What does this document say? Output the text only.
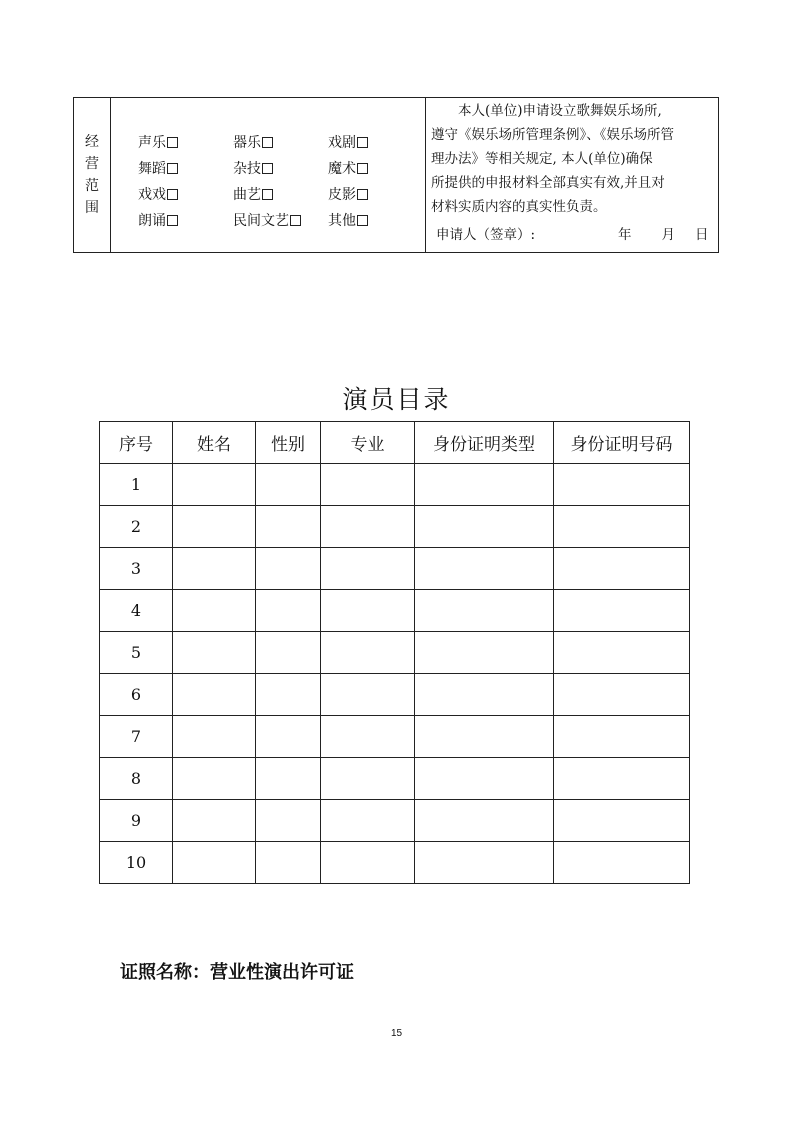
经
营
范
围
声乐	器乐	戏剧
舞蹈	杂技	魔术
戏戏	曲艺	皮影
朗诵	民间文艺	其他
　　本人(单位)申请设立歌舞娱乐场所,
遵守《娱乐场所管理条例》、《娱乐场所管
理办法》等相关规定, 本人(单位)确保
所提供的申报材料全部真实有效,并且对
材料实质内容的真实性负责。
申请人（签章）:	年 月 日
演员目录
序号	姓名	性别	专业	身份证明类型	身份证明号码
1					
2					
3					
4					
5					
6					
7					
8					
9					
10					
证照名称：营业性演出许可证
15
